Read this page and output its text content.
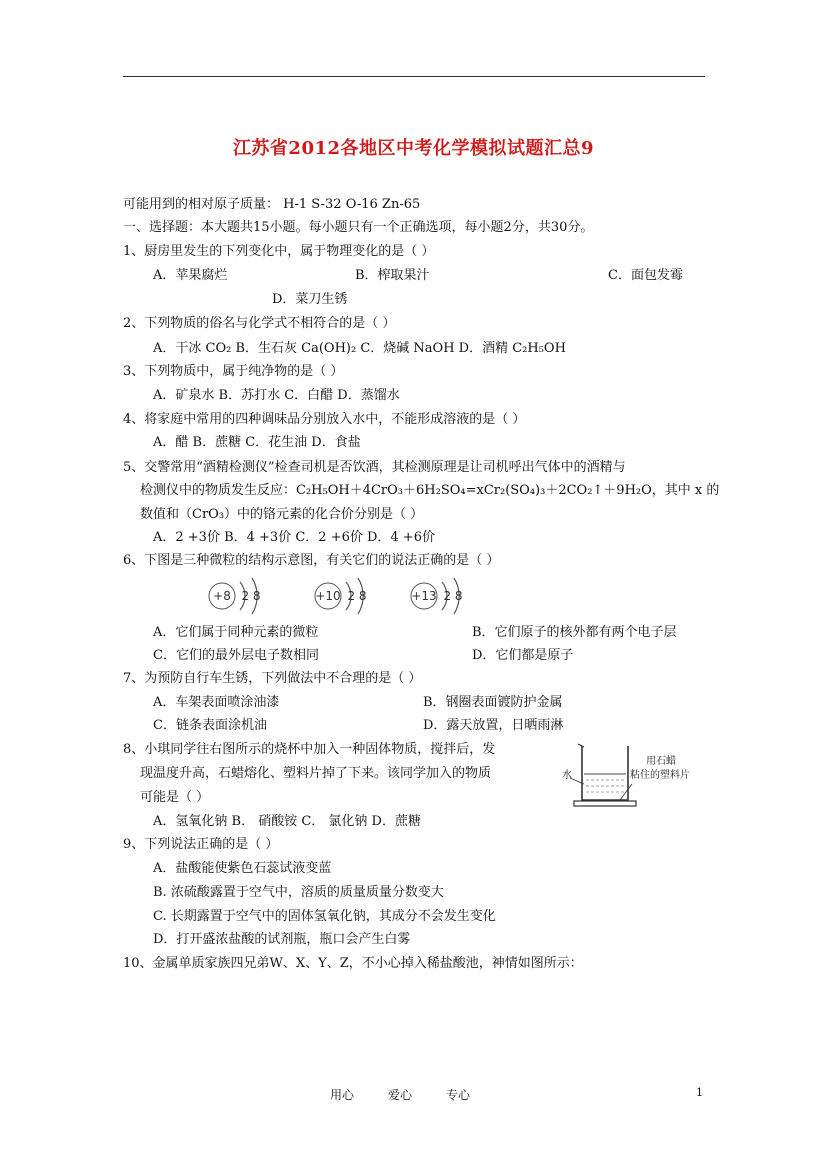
江苏省2012各地区中考化学模拟试题汇总9
可能用到的相对原子质量： H-1 S-32 O-16 Zn-65
一、选择题：本大题共15小题。每小题只有一个正确选项，每小题2分，共30分。
1、厨房里发生的下列变化中，属于物理变化的是（ ）
A．苹果腐烂	B．榨取果汁	C．面包发霉
D．菜刀生锈
2、下列物质的俗名与化学式不相符合的是（ ）
A．干冰 CO₂ B．生石灰 Ca(OH)₂ C．烧碱 NaOH D．酒精 C₂H₅OH
3、下列物质中，属于纯净物的是（ ）
A．矿泉水 B．苏打水 C．白醋 D．蒸馏水
4、将家庭中常用的四种调味品分别放入水中，不能形成溶液的是（ ）
A．醋 B．蔗糖 C．花生油 D．食盐
5、交警常用“酒精检测仪”检查司机是否饮酒，其检测原理是让司机呼出气体中的酒精与
检测仪中的物质发生反应：C₂H₅OH＋4CrO₃＋6H₂SO₄=xCr₂(SO₄)₃＋2CO₂↑＋9H₂O，其中 x 的
数值和（CrO₃）中的铬元素的化合价分别是（ ）
A．2 +3价 B．4 +3价 C．2 +6价 D．4 +6价
6、下图是三种微粒的结构示意图，有关它们的说法正确的是（ ）
+8 2 8	+10 2 8	+13 2 8
A．它们属于同种元素的微粒	B．它们原子的核外都有两个电子层
C．它们的最外层电子数相同	D．它们都是原子
7、为预防自行车生锈，下列做法中不合理的是（ ）
A．车架表面喷涂油漆	B．钢圈表面镀防护金属
C．链条表面涂机油	D．露天放置，日晒雨淋
8、小琪同学往右图所示的烧杯中加入一种固体物质，搅拌后，发
现温度升高，石蜡熔化、塑料片掉了下来。该同学加入的物质
可能是（ ）
水
用石蜡
粘住的塑料片
A．氢氧化钠 B． 硝酸铵 C． 氯化钠 D．蔗糖
9、下列说法正确的是（ ）
A．盐酸能使紫色石蕊试液变蓝
B. 浓硫酸露置于空气中，溶质的质量质量分数变大
C. 长期露置于空气中的固体氢氧化钠，其成分不会发生变化
D．打开盛浓盐酸的试剂瓶，瓶口会产生白雾
10、金属单质家族四兄弟W、X、Y、Z，不小心掉入稀盐酸池，神情如图所示：
用心	爱心	专心	1
